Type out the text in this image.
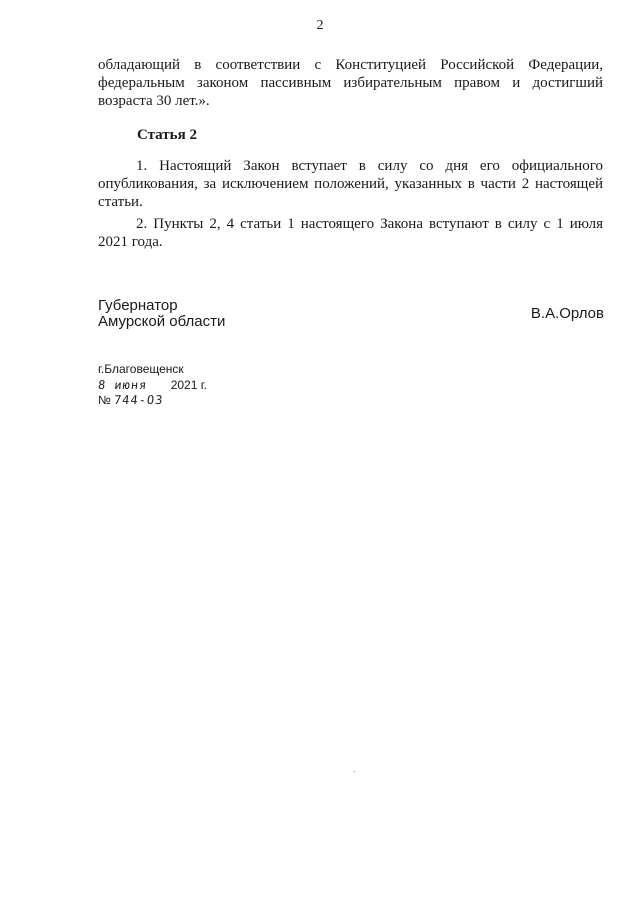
2

обладающий в соответствии с Конституцией Российской Федерации,
федеральным законом пассивным избирательным правом и достигший
возраста 30 лет.».

Статья 2

1. Настоящий Закон вступает в силу со дня его официального
опубликования, за исключением положений, указанных в части 2 настоящей
статьи.

2. Пункты 2, 4 статьи 1 настоящего Закона вступают в силу с 1 июля
2021 года.

Губернатор
Амурской области	В.А.Орлов
г.Благовещенск
8 июня 2021 г.
№ 744-ОЗ
